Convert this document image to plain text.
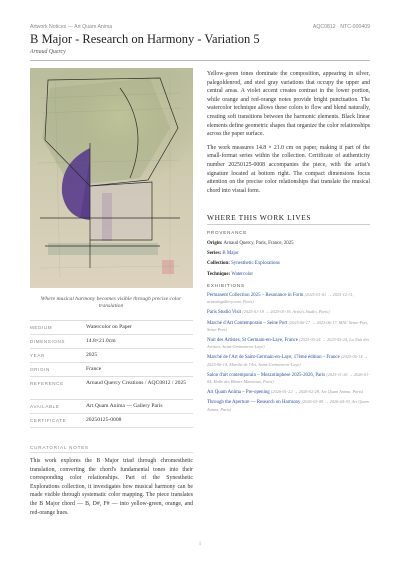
Artwork Notices — Art Quam Anima	AQC0812 · NTC-000409
B Major - Research on Harmony - Variation 5
Arnaud Quercy
Where musical harmony becomes visible through precise color translation
MEDIUM	Watercolor on Paper
DIMENSIONS	14.8×21.0cm
YEAR	2025
ORIGIN	France
REFERENCE	Arnaud Quercy Creations / AQC0812 / 2025
AVAILABLE	Art Quam Anima — Gallery Paris
CERTIFICATE	20250125-0008
CURATORIAL NOTES
This work explores the B Major triad through chromesthetic translation, converting the chord's fundamental tones into their corresponding color relationships. Part of the Synesthetic Explorations collection, it investigates how musical harmony can be made visible through systematic color mapping. The piece translates the B Major chord — B, D#, F# — into yellow-green, orange, and red-orange hues.

Yellow-green tones dominate the composition, appearing in silver, palegoldenrod, and steel gray variations that occupy the upper and central areas. A violet accent creates contrast in the lower portion, while orange and red-orange notes provide bright punctuation. The watercolor technique allows these colors to flow and blend naturally, creating soft transitions between the harmonic elements. Black linear elements define geometric shapes that organize the color relationships across the paper surface.

The work measures 14.8 × 21.0 cm on paper, making it part of the small-format series within the collection. Certificate of authenticity number 20250125-0008 accompanies the piece, with the artist's signature located at bottom right. The compact dimensions focus attention on the precise color relationships that translate the musical chord into visual form.

WHERE THIS WORK LIVES
PROVENANCE
Origin: Arnaud Quercy, Paris, France, 2025
Series: B Major
Collection: Synesthetic Explorations
Technique: Watercolor
EXHIBITIONS
Permanent Collection 2025 – Resonance in Form (2025-01-01 → 2025-12-31, artnodagallery.com, Paris)
Paris Studio Visit (2025-01-18 → 2025-01-19, Artist's Studio, Paris)
Marché d'Art Contemporain – Seine Port (2025-06-17 → 2025-06-17, MAC Seine-Port, Seine-Port)
Nuit des Artistes, St Germain-en-Laye, France (2025-05-24 → 2025-05-24, La Nuit des Artistes, Saint-Germain-en-Laye)
Marché de l'Art de Saint-Germain-en-Laye, 17ème édition – France (2025-06-14 → 2025-06-14, Marché de l'Art, Saint-Germain-en-Laye)
Salon d'art contemporain – Mezzotinphese 2025-2026, Paris (2025-11-26 → 2026-01-04, Halle des Blancs Manteaux, Paris)
Art Quam Anima – Pre-opening (2026-01-22 → 2026-02-28, Art Quam Anima, Paris)
Through the Aperture — Research on Harmony (2026-03-09 → 2026-04-30, Art Quam Anima, Paris)
1
